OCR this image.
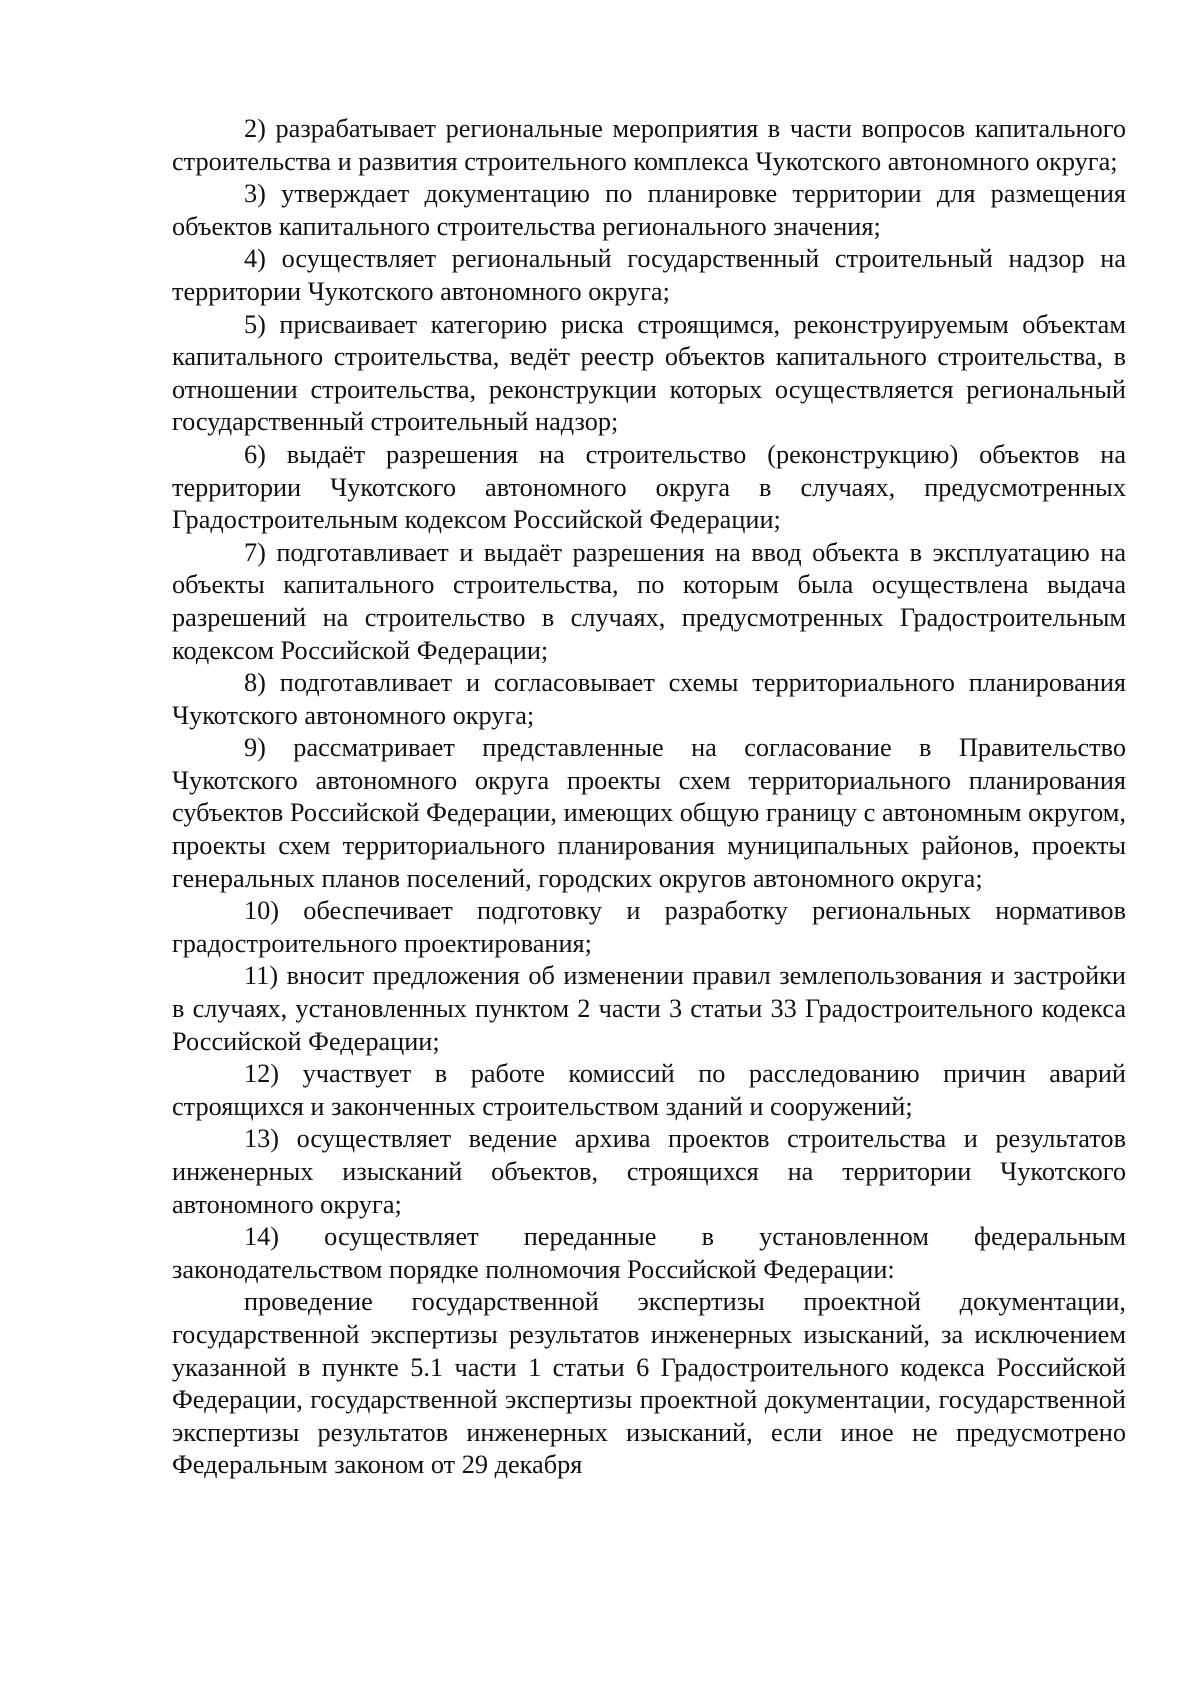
2) разрабатывает региональные мероприятия в части вопросов капитального строительства и развития строительного комплекса Чукотского автономного округа;

3) утверждает документацию по планировке территории для размещения объектов капитального строительства регионального значения;

4) осуществляет региональный государственный строительный надзор на территории Чукотского автономного округа;

5) присваивает категорию риска строящимся, реконструируемым объектам капитального строительства, ведёт реестр объектов капитального строительства, в отношении строительства, реконструкции которых осуществляется региональный государственный строительный надзор;

6) выдаёт разрешения на строительство (реконструкцию) объектов на территории Чукотского автономного округа в случаях, предусмотренных Градостроительным кодексом Российской Федерации;

7) подготавливает и выдаёт разрешения на ввод объекта в эксплуатацию на объекты капитального строительства, по которым была осуществлена выдача разрешений на строительство в случаях, предусмотренных Градостроительным кодексом Российской Федерации;

8) подготавливает и согласовывает схемы территориального планирования Чукотского автономного округа;

9) рассматривает представленные на согласование в Правительство Чукотского автономного округа проекты схем территориального планирования субъектов Российской Федерации, имеющих общую границу с автономным округом, проекты схем территориального планирования муниципальных районов, проекты генеральных планов поселений, городских округов автономного округа;

10) обеспечивает подготовку и разработку региональных нормативов градостроительного проектирования;

11) вносит предложения об изменении правил землепользования и застройки в случаях, установленных пунктом 2 части 3 статьи 33 Градостроительного кодекса Российской Федерации;

12) участвует в работе комиссий по расследованию причин аварий строящихся и законченных строительством зданий и сооружений;

13) осуществляет ведение архива проектов строительства и результатов инженерных изысканий объектов, строящихся на территории Чукотского автономного округа;

14) осуществляет переданные в установленном федеральным законодательством порядке полномочия Российской Федерации:

проведение государственной экспертизы проектной документации, государственной экспертизы результатов инженерных изысканий, за исключением указанной в пункте 5.1 части 1 статьи 6 Градостроительного кодекса Российской Федерации, государственной экспертизы проектной документации, государственной экспертизы результатов инженерных изысканий, если иное не предусмотрено Федеральным законом от 29 декабря
